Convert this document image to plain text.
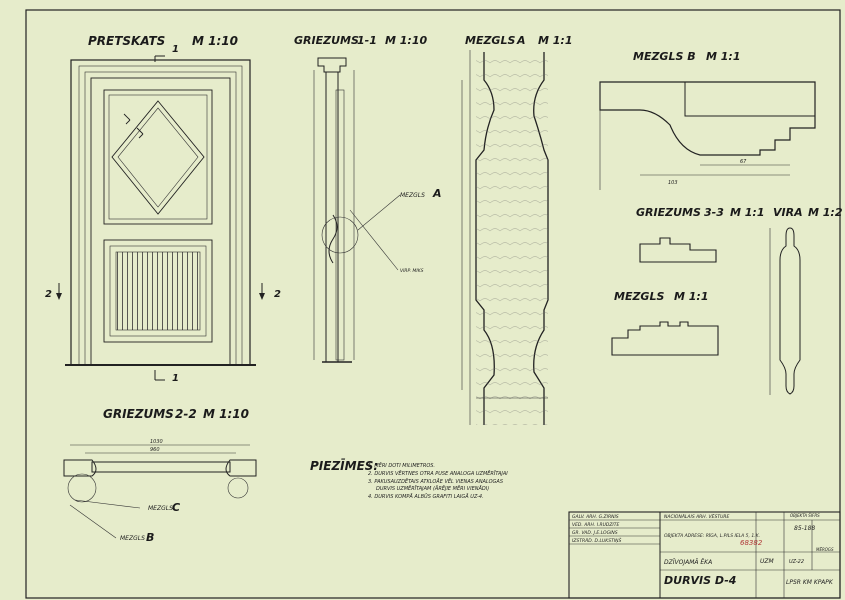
PRETSKATS M 1:10
1
2	2
1
GRIEZUMS
1-1 M 1:10
MEZGLS A
VIRP. MIKS
MEZGLS A M 1:1
MEZGLS B M 1:1
103
67
GRIEZUMS 3-3 M 1:1 VIRA M 1:2
MEZGLS M 1:1
GRIEZUMS 2-2 M 1:10
1030
960
MEZGLS C
MEZGLS B
PIEZĪMES:
1. MĒRI DOTI MILIMETROS.
2. DURVIS VĒRTNES OTRA PUSE ANALOGA UZMĒRĪTAJAI
3. PAKUSAUZDĒTAIS ATKLOĀE VĒL VIENAS ANALOGAS
DURVIS UZMĒRĪTAJAM (ĀRĒJIE MĒRI VIENĀDI)
4. DURVIS KOMPĀ ALBŪS GRAFITI LAIGĀ UZ-4.
GALV. ARH. G.ZIRNIS
VED. ARH. I.RUDZITE
GR. VAD. J.E.LOGINS
IZSTRĀD. D.LUKSTIŅŠ
NACIONĀLAIS ARH. VĒSTURE
OBJEKTA ADRESE: RĪGA, L.PILS IELA 5, 1.K.
DZĪVOJAMĀ ĒKA
DURVIS D-4
OBJEKTA ŠIFRS
85-188
UZM	UZ-22
MĒROGS
LPSR KM KPAPK
68382
